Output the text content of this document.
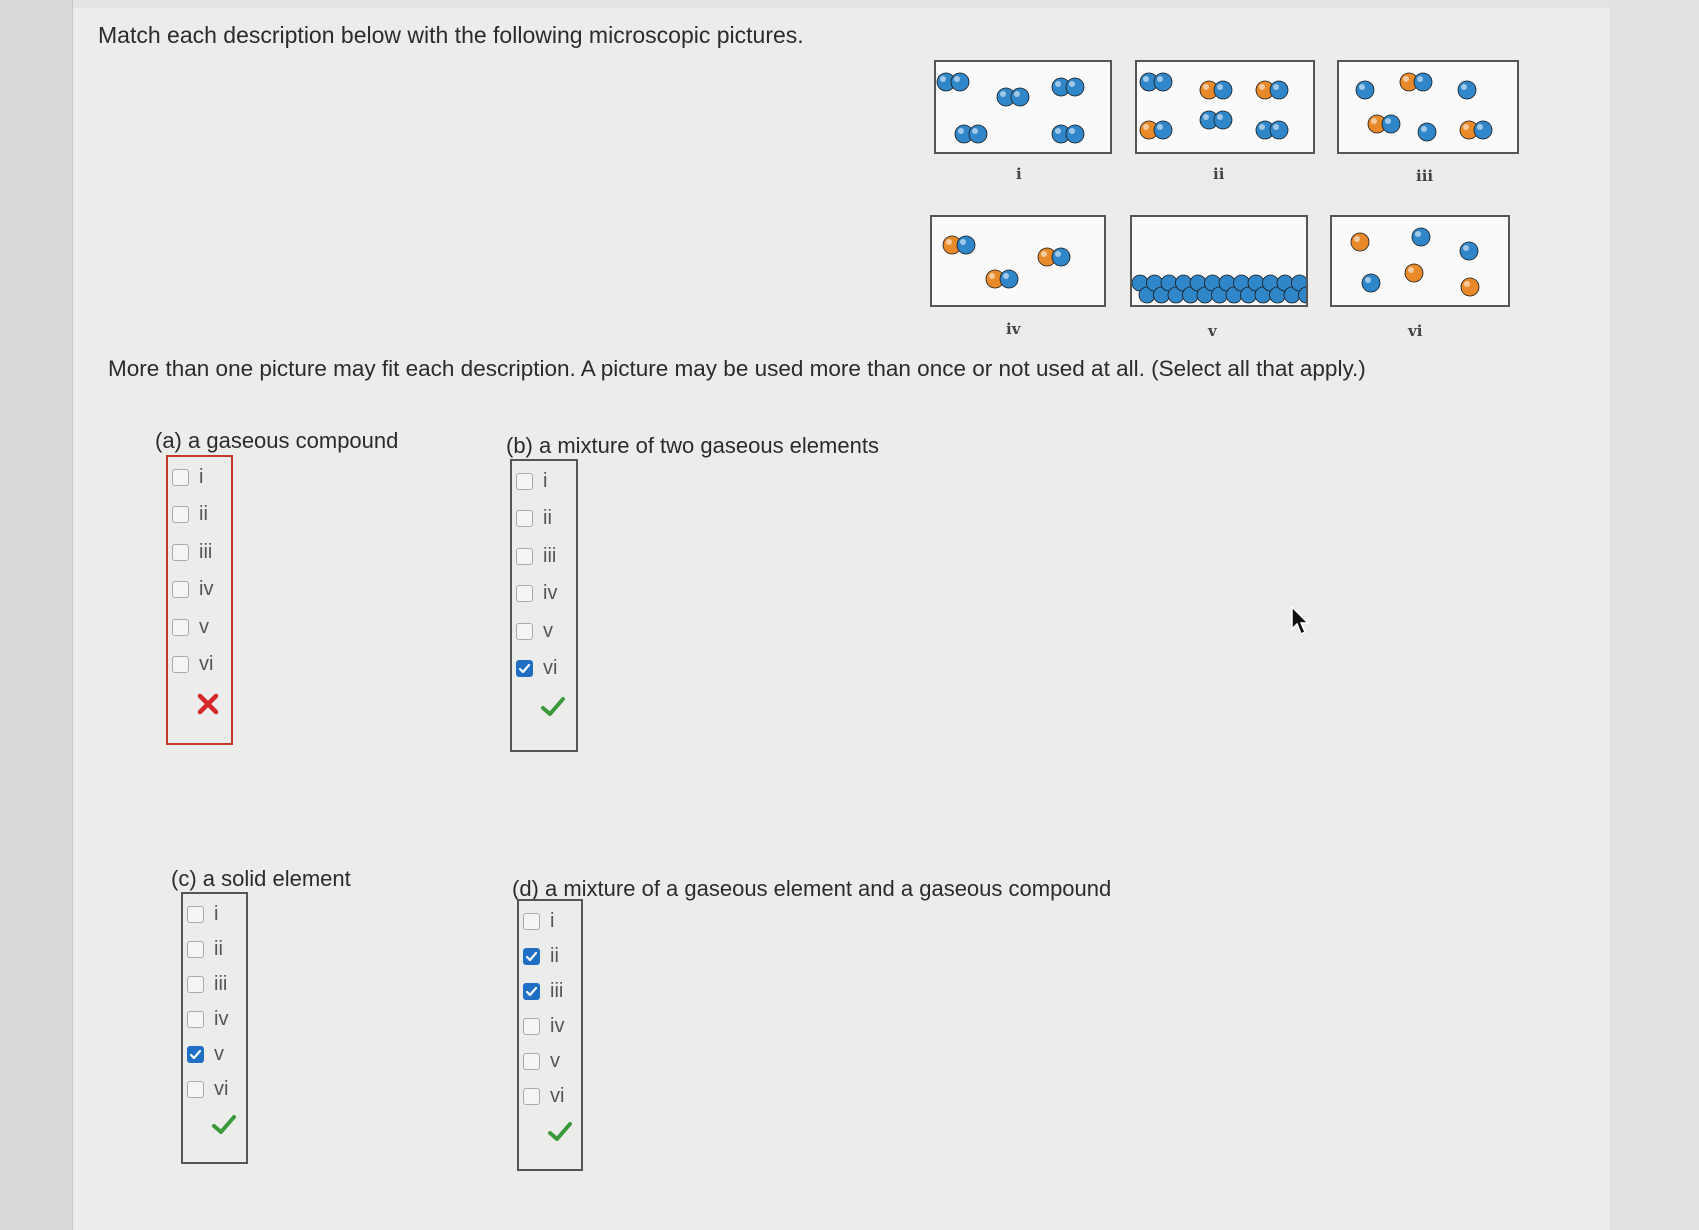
Match each description below with the following microscopic pictures.
i	ii	iii
iv	v	vi
More than one picture may fit each description. A picture may be used more than once or not used at all. (Select all that apply.)
(a) a gaseous compound
i
ii
iii
iv
v
vi
(b) a mixture of two gaseous elements
i
ii
iii
iv
v
vi
(c) a solid element
i
ii
iii
iv
v
vi
(d) a mixture of a gaseous element and a gaseous compound
i
ii
iii
iv
v
vi
